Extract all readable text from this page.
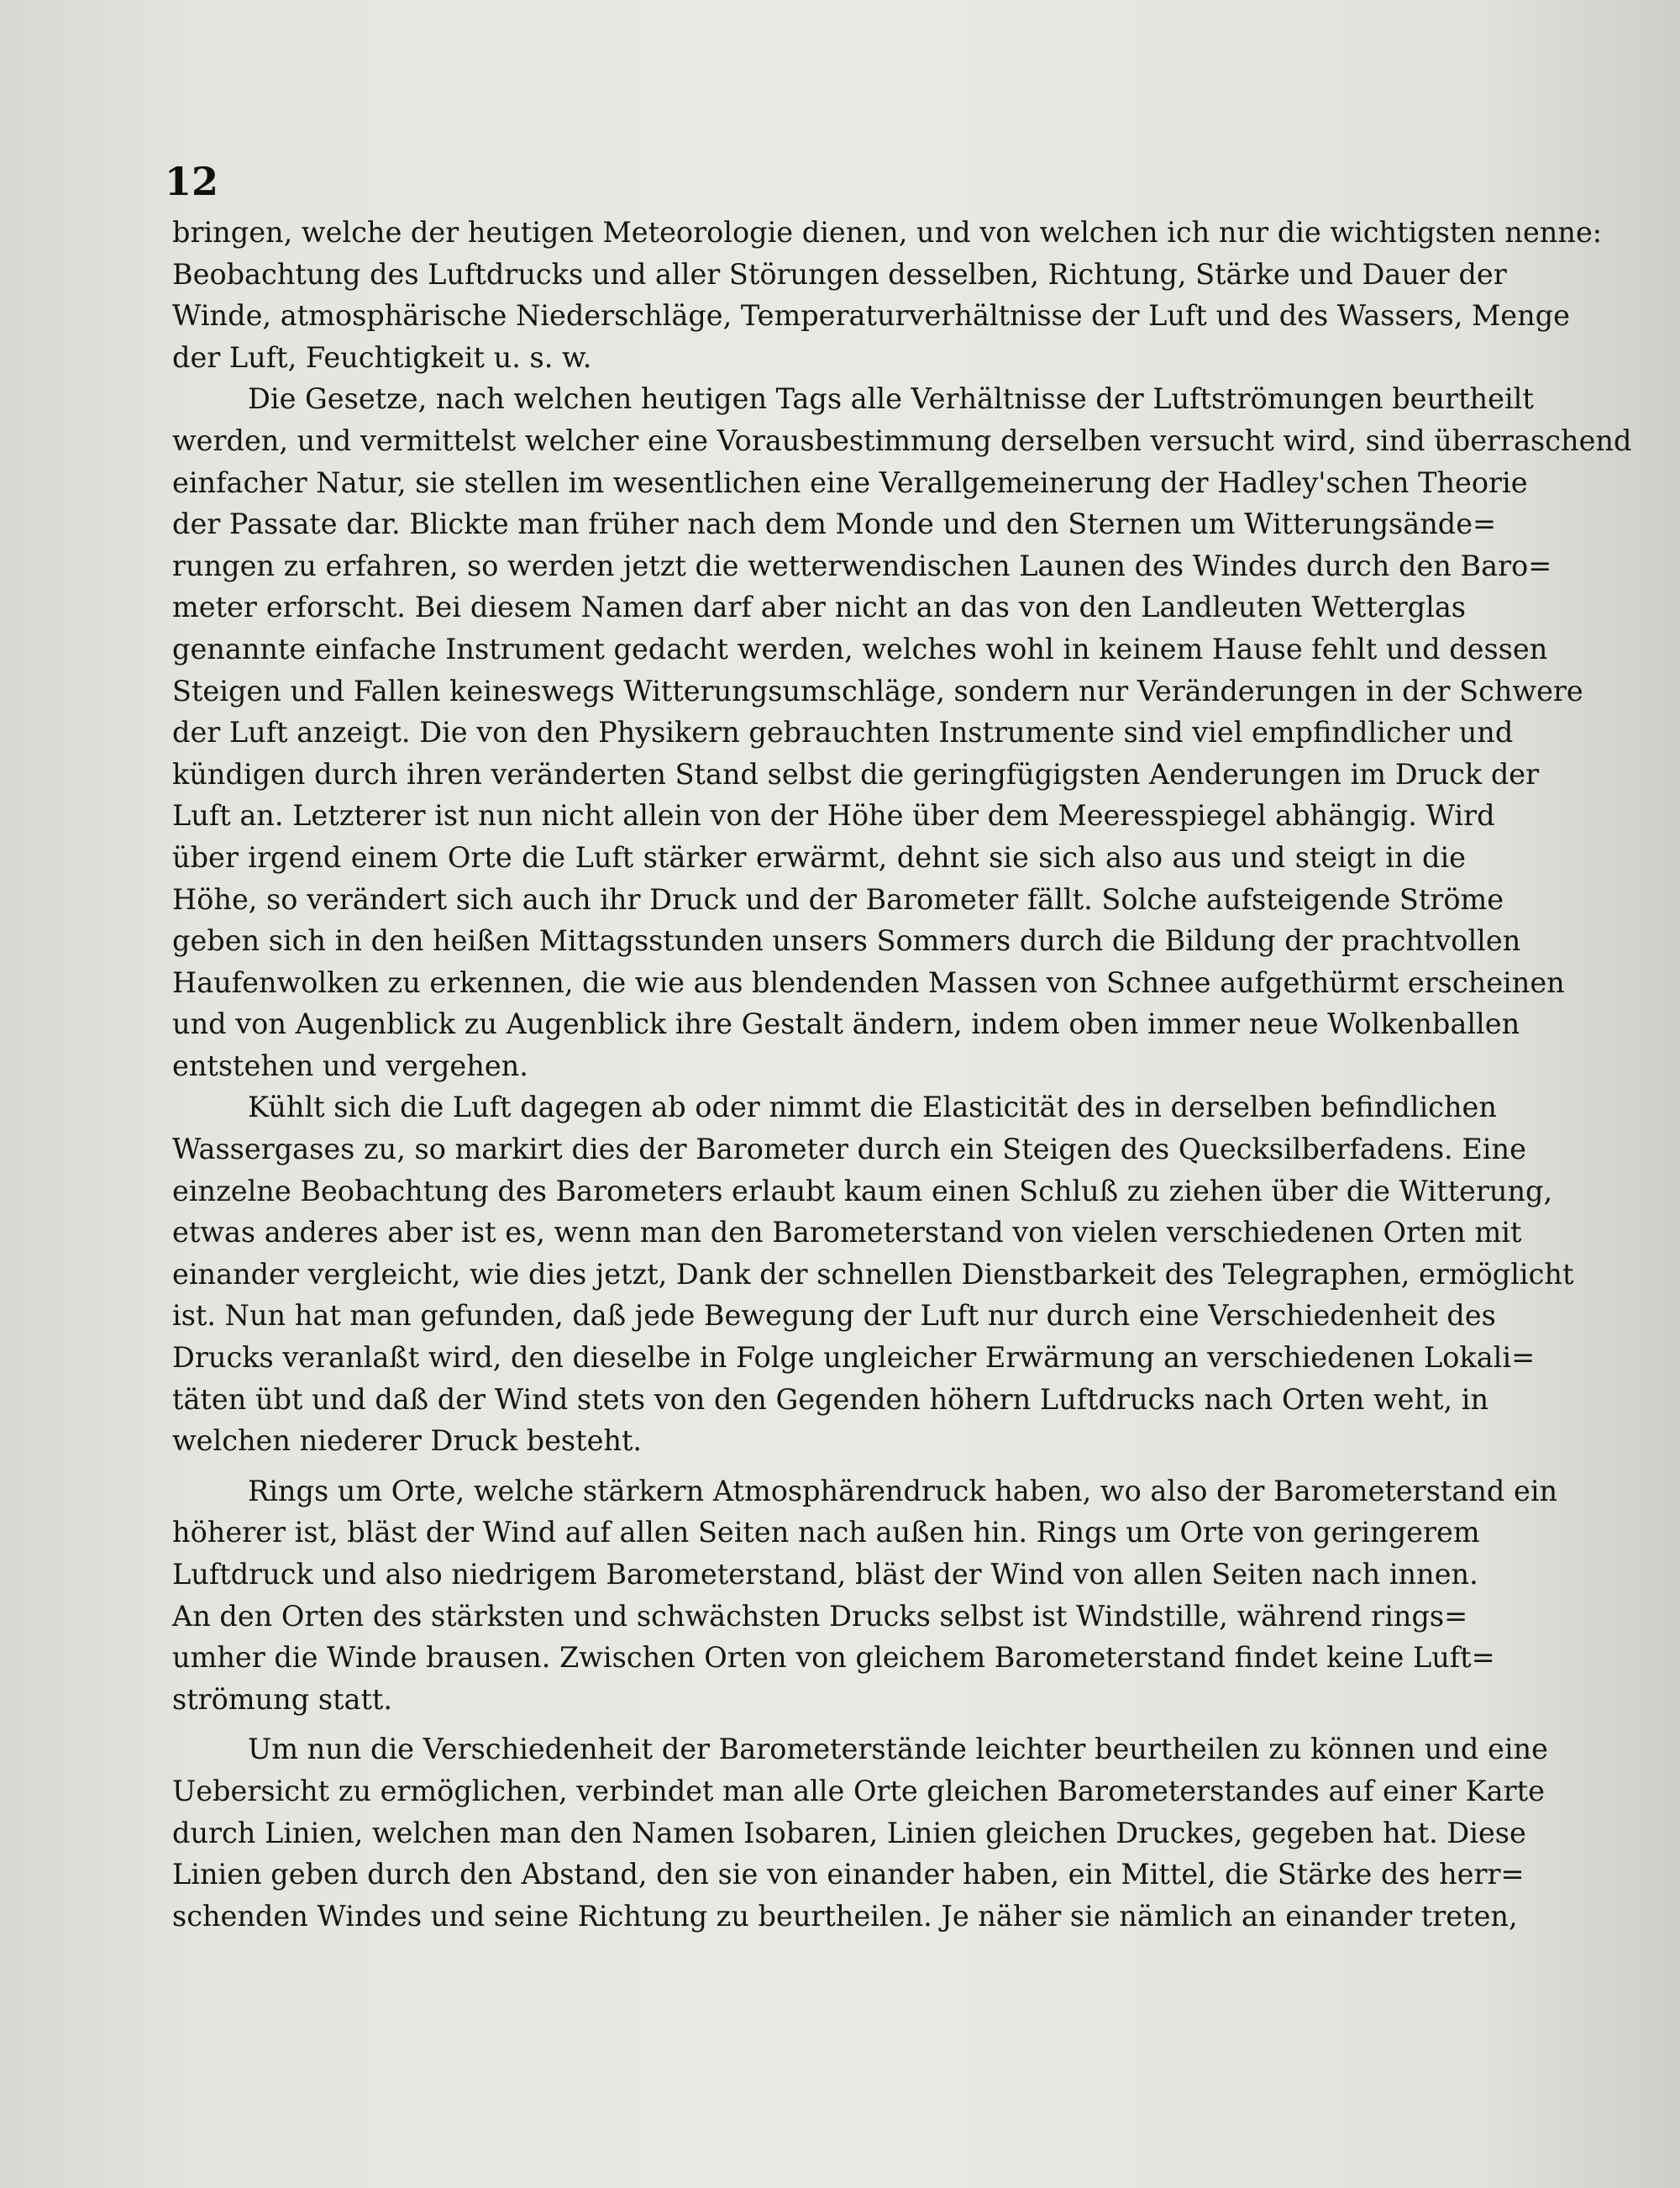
12
bringen, welche der heutigen Meteorologie dienen, und von welchen ich nur die wichtigsten nenne:
Beobachtung des Luftdrucks und aller Störungen desselben, Richtung, Stärke und Dauer der
Winde, atmosphärische Niederschläge, Temperaturverhältnisse der Luft und des Wassers, Menge
der Luft, Feuchtigkeit u. s. w.
Die Gesetze, nach welchen heutigen Tags alle Verhältnisse der Luftströmungen beurtheilt
werden, und vermittelst welcher eine Vorausbestimmung derselben versucht wird, sind überraschend
einfacher Natur, sie stellen im wesentlichen eine Verallgemeinerung der Hadley'schen Theorie
der Passate dar. Blickte man früher nach dem Monde und den Sternen um Witterungsände=
rungen zu erfahren, so werden jetzt die wetterwendischen Launen des Windes durch den Baro=
meter erforscht. Bei diesem Namen darf aber nicht an das von den Landleuten Wetterglas
genannte einfache Instrument gedacht werden, welches wohl in keinem Hause fehlt und dessen
Steigen und Fallen keineswegs Witterungsumschläge, sondern nur Veränderungen in der Schwere
der Luft anzeigt. Die von den Physikern gebrauchten Instrumente sind viel empfindlicher und
kündigen durch ihren veränderten Stand selbst die geringfügigsten Aenderungen im Druck der
Luft an. Letzterer ist nun nicht allein von der Höhe über dem Meeresspiegel abhängig. Wird
über irgend einem Orte die Luft stärker erwärmt, dehnt sie sich also aus und steigt in die
Höhe, so verändert sich auch ihr Druck und der Barometer fällt. Solche aufsteigende Ströme
geben sich in den heißen Mittagsstunden unsers Sommers durch die Bildung der prachtvollen
Haufenwolken zu erkennen, die wie aus blendenden Massen von Schnee aufgethürmt erscheinen
und von Augenblick zu Augenblick ihre Gestalt ändern, indem oben immer neue Wolkenballen
entstehen und vergehen.
Kühlt sich die Luft dagegen ab oder nimmt die Elasticität des in derselben befindlichen
Wassergases zu, so markirt dies der Barometer durch ein Steigen des Quecksilberfadens. Eine
einzelne Beobachtung des Barometers erlaubt kaum einen Schluß zu ziehen über die Witterung,
etwas anderes aber ist es, wenn man den Barometerstand von vielen verschiedenen Orten mit
einander vergleicht, wie dies jetzt, Dank der schnellen Dienstbarkeit des Telegraphen, ermöglicht
ist. Nun hat man gefunden, daß jede Bewegung der Luft nur durch eine Verschiedenheit des
Drucks veranlaßt wird, den dieselbe in Folge ungleicher Erwärmung an verschiedenen Lokali=
täten übt und daß der Wind stets von den Gegenden höhern Luftdrucks nach Orten weht, in
welchen niederer Druck besteht.
Rings um Orte, welche stärkern Atmosphärendruck haben, wo also der Barometerstand ein
höherer ist, bläst der Wind auf allen Seiten nach außen hin. Rings um Orte von geringerem
Luftdruck und also niedrigem Barometerstand, bläst der Wind von allen Seiten nach innen.
An den Orten des stärksten und schwächsten Drucks selbst ist Windstille, während rings=
umher die Winde brausen. Zwischen Orten von gleichem Barometerstand findet keine Luft=
strömung statt.
Um nun die Verschiedenheit der Barometerstände leichter beurtheilen zu können und eine
Uebersicht zu ermöglichen, verbindet man alle Orte gleichen Barometerstandes auf einer Karte
durch Linien, welchen man den Namen Isobaren, Linien gleichen Druckes, gegeben hat. Diese
Linien geben durch den Abstand, den sie von einander haben, ein Mittel, die Stärke des herr=
schenden Windes und seine Richtung zu beurtheilen. Je näher sie nämlich an einander treten,
